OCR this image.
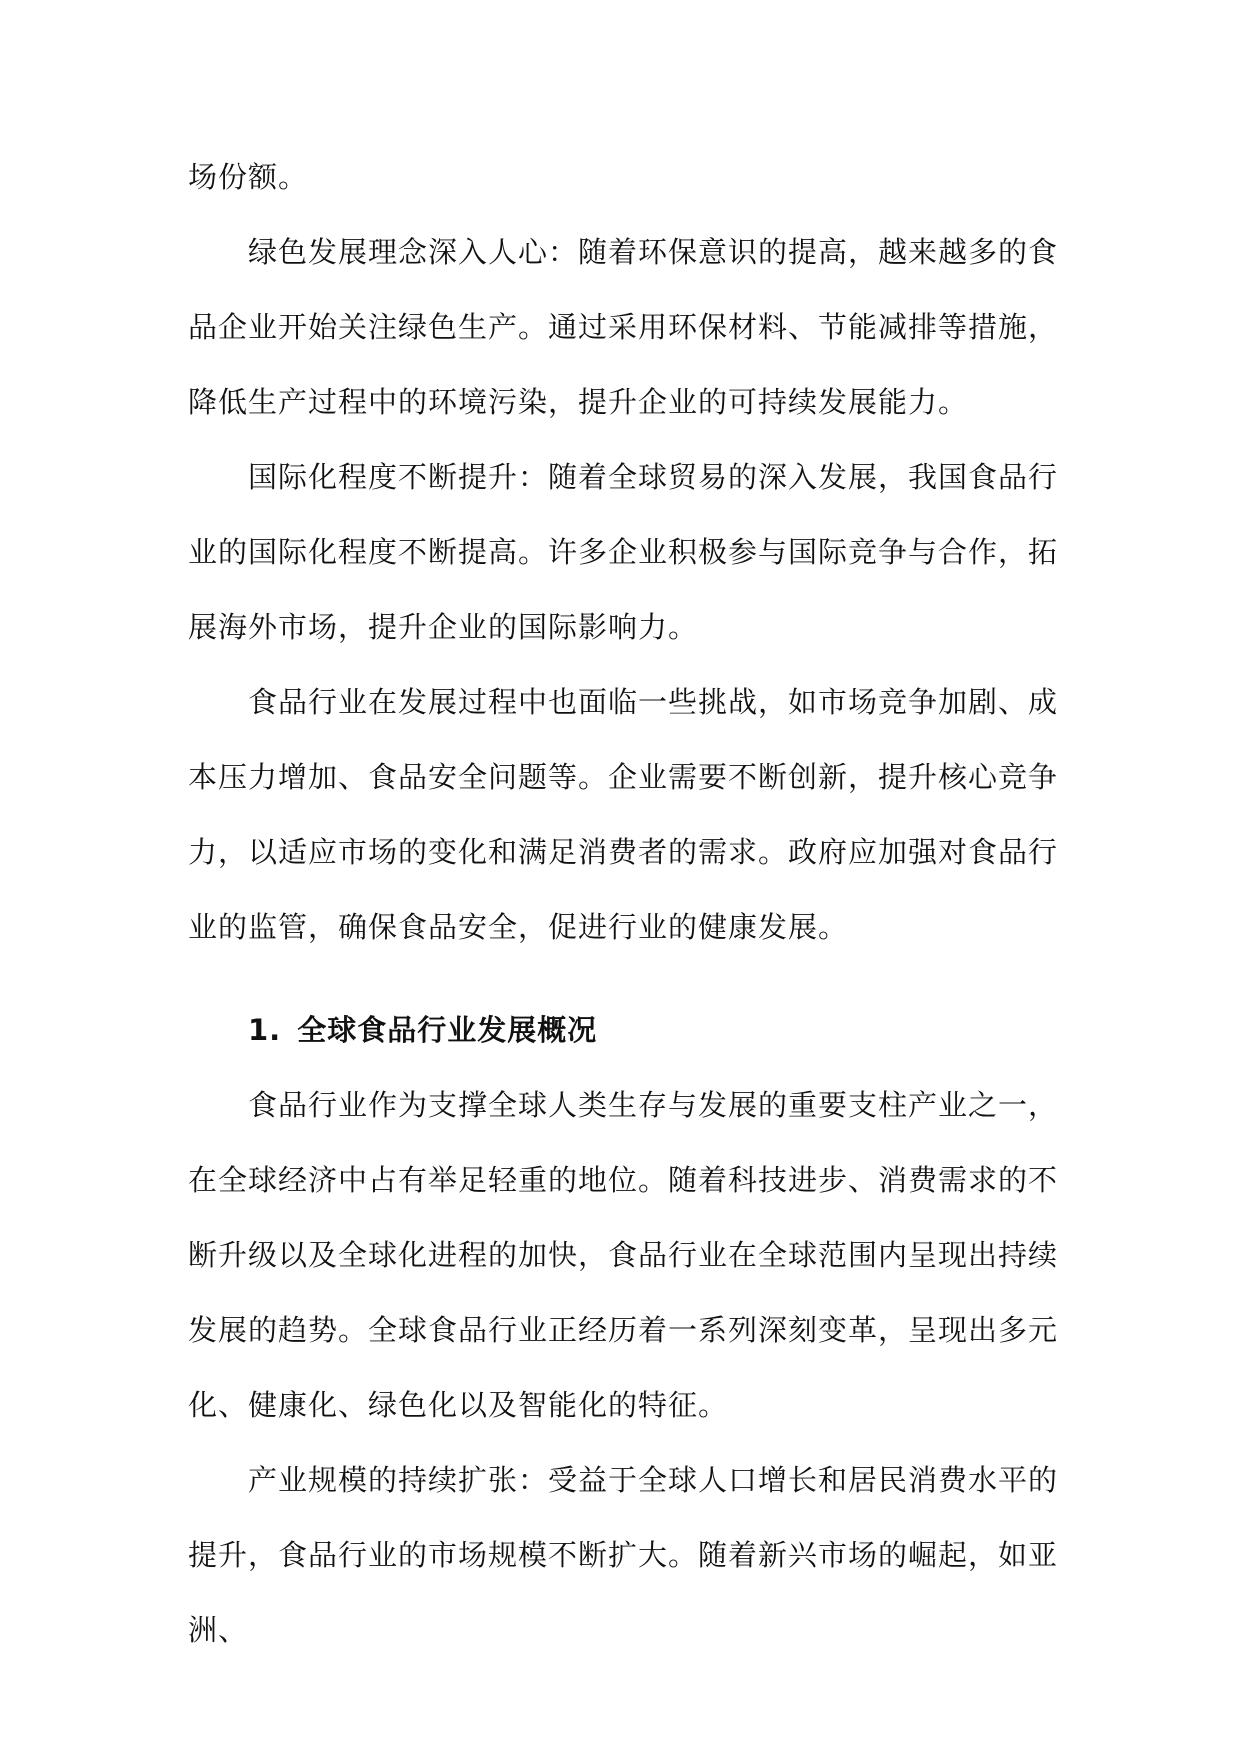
场份额。

绿色发展理念深入人心：随着环保意识的提高，越来越多的食品企业开始关注绿色生产。通过采用环保材料、节能减排等措施，降低生产过程中的环境污染，提升企业的可持续发展能力。

国际化程度不断提升：随着全球贸易的深入发展，我国食品行业的国际化程度不断提高。许多企业积极参与国际竞争与合作，拓展海外市场，提升企业的国际影响力。

食品行业在发展过程中也面临一些挑战，如市场竞争加剧、成本压力增加、食品安全问题等。企业需要不断创新，提升核心竞争力，以适应市场的变化和满足消费者的需求。政府应加强对食品行业的监管，确保食品安全，促进行业的健康发展。

1. 全球食品行业发展概况

食品行业作为支撑全球人类生存与发展的重要支柱产业之一，在全球经济中占有举足轻重的地位。随着科技进步、消费需求的不断升级以及全球化进程的加快，食品行业在全球范围内呈现出持续发展的趋势。全球食品行业正经历着一系列深刻变革，呈现出多元化、健康化、绿色化以及智能化的特征。

产业规模的持续扩张：受益于全球人口增长和居民消费水平的提升，食品行业的市场规模不断扩大。随着新兴市场的崛起，如亚洲、
